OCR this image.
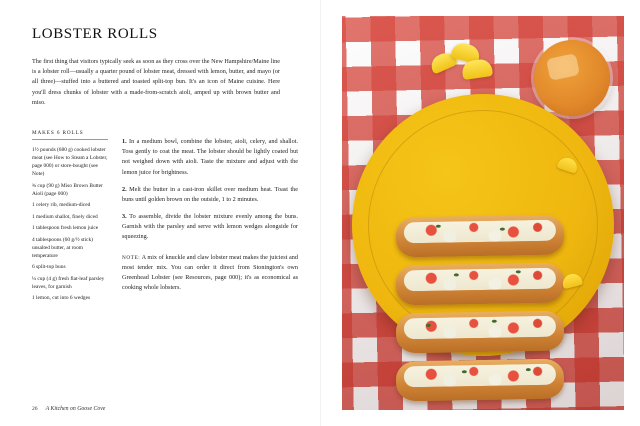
LOBSTER ROLLS
The first thing that visitors typically seek as soon as they cross over the New Hampshire/Maine line is a lobster roll—usually a quarter pound of lobster meat, dressed with lemon, butter, and mayo (or all three)—stuffed into a buttered and toasted split-top bun. It's an icon of Maine cuisine. Here you'll dress chunks of lobster with a made-from-scratch aioli, amped up with brown butter and miso.
MAKES 6 ROLLS
1½ pounds (680 g) cooked lobster meat (see How to Steam a Lobster, page 000) or store-bought (see Note)
¾ cup (90 g) Miso Brown Butter Aioli (page 000)
1 celery rib, medium-diced
1 medium shallot, finely diced
1 tablespoon fresh lemon juice
4 tablespoons (60 g/½ stick) unsalted butter, at room temperature
6 split-top buns
¼ cup (4 g) fresh flat-leaf parsley leaves, for garnish
1 lemon, cut into 6 wedges

1. In a medium bowl, combine the lobster, aioli, celery, and shallot. Toss gently to coat the meat. The lobster should be lightly coated but not weighed down with aioli. Taste the mixture and adjust with the lemon juice for brightness.

2. Melt the butter in a cast-iron skillet over medium heat. Toast the buns until golden brown on the outside, 1 to 2 minutes.

3. To assemble, divide the lobster mixture evenly among the buns. Garnish with the parsley and serve with lemon wedges alongside for squeezing.

NOTE: A mix of knuckle and claw lobster meat makes the juiciest and most tender mix. You can order it direct from Stonington's own Greenhead Lobster (see Resources, page 000); it's as economical as cooking whole lobsters.

26 A Kitchen on Goose Cove
